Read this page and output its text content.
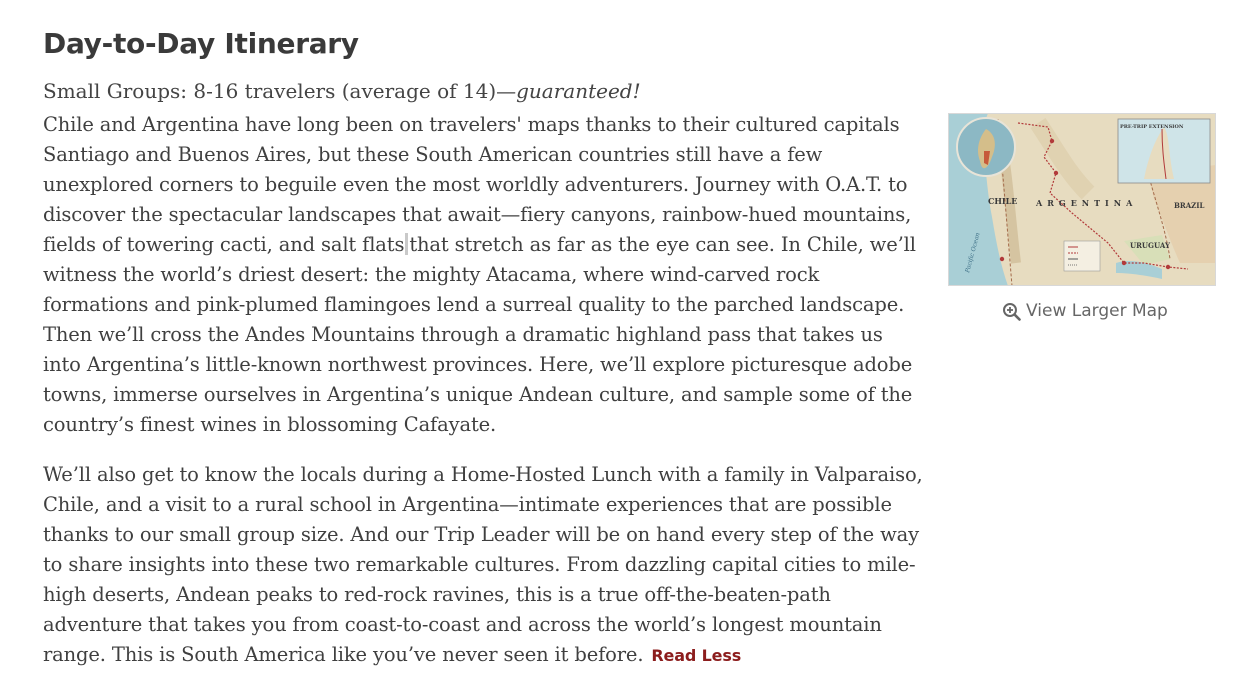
Day-to-Day Itinerary

Small Groups: 8-16 travelers (average of 14)—guaranteed!

Chile and Argentina have long been on travelers' maps thanks to their cultured capitals Santiago and Buenos Aires, but these South American countries still have a few unexplored corners to beguile even the most worldly adventurers. Journey with O.A.T. to discover the spectacular landscapes that await—fiery canyons, rainbow-hued mountains, fields of towering cacti, and salt flats that stretch as far as the eye can see. In Chile, we’ll witness the world’s driest desert: the mighty Atacama, where wind-carved rock formations and pink-plumed flamingoes lend a surreal quality to the parched landscape. Then we’ll cross the Andes Mountains through a dramatic highland pass that takes us into Argentina’s little-known northwest provinces. Here, we’ll explore picturesque adobe towns, immerse ourselves in Argentina’s unique Andean culture, and sample some of the country’s finest wines in blossoming Cafayate.

We’ll also get to know the locals during a Home-Hosted Lunch with a family in Valparaiso, Chile, and a visit to a rural school in Argentina—intimate experiences that are possible thanks to our small group size. And our Trip Leader will be on hand every step of the way to share insights into these two remarkable cultures. From dazzling capital cities to mile-high deserts, Andean peaks to red-rock ravines, this is a true off-the-beaten-path adventure that takes you from coast-to-coast and across the world’s longest mountain range. This is South America like you’ve never seen it before. Read Less

CHILE ARGENTINA	BRAZIL
URUGUAY
PRE-TRIP EXTENSION
Pacific Ocean
View Larger Map
